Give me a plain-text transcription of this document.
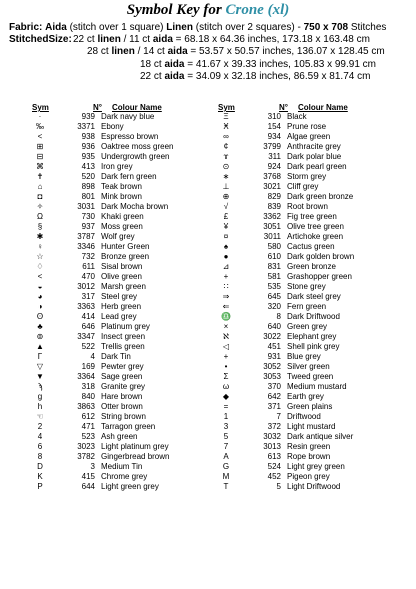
Symbol Key for Crone (xl)
Fabric: Aida (stitch over 1 square) Linen (stitch over 2 squares) - 750 x 708 Stitches
StitchedSize: 22 ct linen / 11 ct aida = 68.18 x 64.36 inches, 173.18 x 163.48 cm
28 ct linen / 14 ct aida = 53.57 x 50.57 inches, 136.07 x 128.45 cm
18 ct aida = 41.67 x 39.33 inches, 105.83 x 99.91 cm
22 ct aida = 34.09 x 32.18 inches, 86.59 x 81.74 cm
Sym	N° Colour Name	Sym	N° Colour Name
·	939	Dark navy blue
‰	3371	Ebony
<	938	Espresso brown
⊞	936	Oaktree moss green
⊟	935	Undergrowth green
⌘	413	Iron grey
✝	520	Dark fern green
⌂	898	Teak brown
◘	801	Mink brown
✧	3031	Dark Mocha brown
Ω	730	Khaki green
§	937	Moss green
✱	3787	Wolf grey
♀	3346	Hunter Green
☆	732	Bronze green
♢	611	Sisal brown
<	470	Olive green
◒	3012	Marsh green
◕	317	Steel grey
◑	3363	Herb green
ʘ	414	Lead grey
♣	646	Platinum grey
⊚	3347	Insect green
▲	522	Trellis green
Γ	4	Dark Tin
▽	169	Pewter grey
▼	3364	Sage green
ϡ	318	Granite grey
g	840	Hare brown
h	3863	Otter brown
☜	612	String brown
2	471	Tarragon green
4	523	Ash green
6	3023	Light platinum grey
8	3782	Gingerbread brown
D	3	Medium Tin
K	415	Chrome grey
P	644	Light green grey
Ξ	310	Black
Ӿ	154	Prune rose
∞	934	Algae green
¢	3799	Anthracite grey
ɤ	311	Dark polar blue
⊙	924	Dark pearl green
∗	3768	Storm grey
⊥	3021	Cliff grey
⊕	829	Dark green bronze
√	839	Root brown
£	3362	Fig tree green
¥	3051	Olive tree green
¤	3011	Artichoke green
♠	580	Cactus green
●	610	Dark golden brown
⊿	831	Green bronze
+	581	Grashopper green
∷	535	Stone grey
⇒	645	Dark steel grey
⇐	320	Fern green
♎	8	Dark Driftwood
×	640	Green grey
ℵ	3022	Elephant grey
◁	451	Shell pink grey
+	931	Blue grey
•	3052	Silver green
Σ	3053	Tweed green
ω	370	Medium mustard
◆	642	Earth grey
=	371	Green plains
1	7	Driftwood
3	372	Light mustard
5	3032	Dark antique silver
7	3013	Resin green
A	613	Rope brown
G	524	Light grey green
M	452	Pigeon grey
T	5	Light Driftwood
